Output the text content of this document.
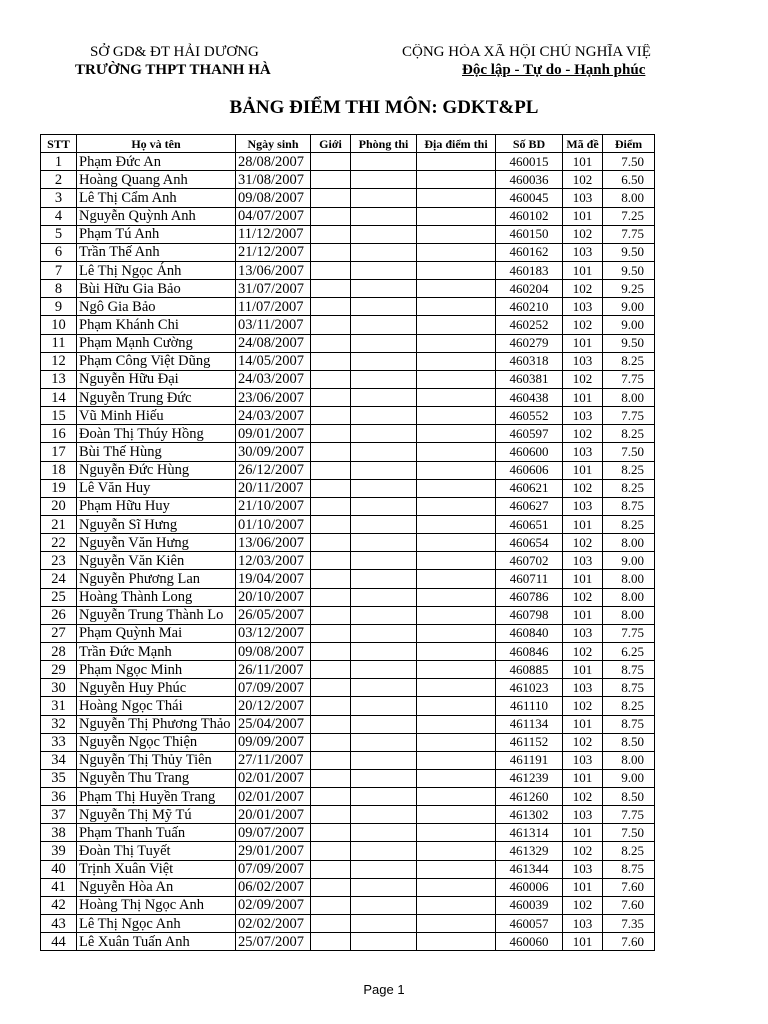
SỞ GD& ĐT HẢI DƯƠNG
TRƯỜNG THPT THANH HÀ
CỘNG HÒA XÃ HỘI CHỦ NGHĨA VIỆ
Độc lập - Tự do - Hạnh phúc
BẢNG ĐIỂM THI MÔN: GDKT&PL
STT	Họ và tên	Ngày sinh	Giới	Phòng thi	Địa điểm thi	Số BD	Mã đề	Điểm
1	Phạm Đức An	28/08/2007				460015	101	7.50
2	Hoàng Quang Anh	31/08/2007				460036	102	6.50
3	Lê Thị Cẩm Anh	09/08/2007				460045	103	8.00
4	Nguyễn Quỳnh Anh	04/07/2007				460102	101	7.25
5	Phạm Tú Anh	11/12/2007				460150	102	7.75
6	Trần Thế Anh	21/12/2007				460162	103	9.50
7	Lê Thị Ngọc Ánh	13/06/2007				460183	101	9.50
8	Bùi Hữu Gia Bảo	31/07/2007				460204	102	9.25
9	Ngô Gia Bảo	11/07/2007				460210	103	9.00
10	Phạm Khánh Chi	03/11/2007				460252	102	9.00
11	Phạm Mạnh Cường	24/08/2007				460279	101	9.50
12	Phạm Công Việt Dũng	14/05/2007				460318	103	8.25
13	Nguyễn Hữu Đại	24/03/2007				460381	102	7.75
14	Nguyễn Trung Đức	23/06/2007				460438	101	8.00
15	Vũ Minh Hiếu	24/03/2007				460552	103	7.75
16	Đoàn Thị Thúy Hồng	09/01/2007				460597	102	8.25
17	Bùi Thế Hùng	30/09/2007				460600	103	7.50
18	Nguyễn Đức Hùng	26/12/2007				460606	101	8.25
19	Lê Văn Huy	20/11/2007				460621	102	8.25
20	Phạm Hữu Huy	21/10/2007				460627	103	8.75
21	Nguyễn Sĩ Hưng	01/10/2007				460651	101	8.25
22	Nguyễn Văn Hưng	13/06/2007				460654	102	8.00
23	Nguyễn Văn Kiên	12/03/2007				460702	103	9.00
24	Nguyễn Phương Lan	19/04/2007				460711	101	8.00
25	Hoàng Thành Long	20/10/2007				460786	102	8.00
26	Nguyễn Trung Thành Lo	26/05/2007				460798	101	8.00
27	Phạm Quỳnh Mai	03/12/2007				460840	103	7.75
28	Trần Đức Mạnh	09/08/2007				460846	102	6.25
29	Phạm Ngọc Minh	26/11/2007				460885	101	8.75
30	Nguyễn Huy Phúc	07/09/2007				461023	103	8.75
31	Hoàng Ngọc Thái	20/12/2007				461110	102	8.25
32	Nguyễn Thị Phương Thảo	25/04/2007				461134	101	8.75
33	Nguyễn Ngọc Thiện	09/09/2007				461152	102	8.50
34	Nguyễn Thị Thủy Tiên	27/11/2007				461191	103	8.00
35	Nguyễn Thu Trang	02/01/2007				461239	101	9.00
36	Phạm Thị Huyền Trang	02/01/2007				461260	102	8.50
37	Nguyễn Thị Mỹ Tú	20/01/2007				461302	103	7.75
38	Phạm Thanh Tuấn	09/07/2007				461314	101	7.50
39	Đoàn Thị Tuyết	29/01/2007				461329	102	8.25
40	Trịnh Xuân Việt	07/09/2007				461344	103	8.75
41	Nguyễn Hòa An	06/02/2007				460006	101	7.60
42	Hoàng Thị Ngọc Anh	02/09/2007				460039	102	7.60
43	Lê Thị Ngọc Anh	02/02/2007				460057	103	7.35
44	Lê Xuân Tuấn Anh	25/07/2007				460060	101	7.60
Page 1
